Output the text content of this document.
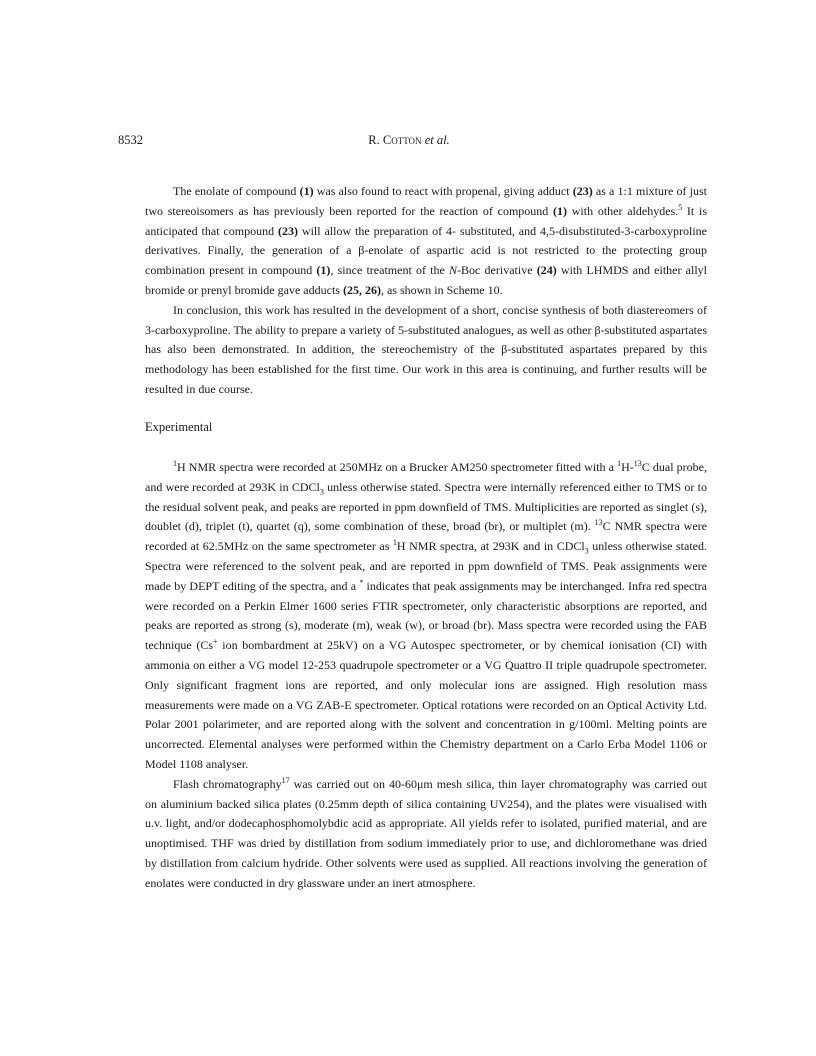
8532	R. Cotton et al.

The enolate of compound (1) was also found to react with propenal, giving adduct (23) as a 1:1 mixture of just two stereoisomers as has previously been reported for the reaction of compound (1) with other aldehydes.$^5$ It is anticipated that compound (23) will allow the preparation of 4- substituted, and 4,5-disubstituted-3-carboxyproline derivatives. Finally, the generation of a β-enolate of aspartic acid is not restricted to the protecting group combination present in compound (1), since treatment of the N-Boc derivative (24) with LHMDS and either allyl bromide or prenyl bromide gave adducts (25, 26), as shown in Scheme 10.

In conclusion, this work has resulted in the development of a short, concise synthesis of both diastereomers of 3-carboxyproline. The ability to prepare a variety of 5-substituted analogues, as well as other β-substituted aspartates has also been demonstrated. In addition, the stereochemistry of the β-substituted aspartates prepared by this methodology has been established for the first time. Our work in this area is continuing, and further results will be resulted in due course.

Experimental

$^1$H NMR spectra were recorded at 250MHz on a Brucker AM250 spectrometer fitted with a $^1$H-$^{13}$C dual probe, and were recorded at 293K in CDCl$_3$ unless otherwise stated. Spectra were internally referenced either to TMS or to the residual solvent peak, and peaks are reported in ppm downfield of TMS. Multiplicities are reported as singlet (s), doublet (d), triplet (t), quartet (q), some combination of these, broad (br), or multiplet (m). $^{13}$C NMR spectra were recorded at 62.5MHz on the same spectrometer as $^1$H NMR spectra, at 293K and in CDCl$_3$ unless otherwise stated. Spectra were referenced to the solvent peak, and are reported in ppm downfield of TMS. Peak assignments were made by DEPT editing of the spectra, and a * indicates that peak assignments may be interchanged. Infra red spectra were recorded on a Perkin Elmer 1600 series FTIR spectrometer, only characteristic absorptions are reported, and peaks are reported as strong (s), moderate (m), weak (w), or broad (br). Mass spectra were recorded using the FAB technique (Cs+ ion bombardment at 25kV) on a VG Autospec spectrometer, or by chemical ionisation (CI) with ammonia on either a VG model 12-253 quadrupole spectrometer or a VG Quattro II triple quadrupole spectrometer. Only significant fragment ions are reported, and only molecular ions are assigned. High resolution mass measurements were made on a VG ZAB-E spectrometer. Optical rotations were recorded on an Optical Activity Ltd. Polar 2001 polarimeter, and are reported along with the solvent and concentration in g/100ml. Melting points are uncorrected. Elemental analyses were performed within the Chemistry department on a Carlo Erba Model 1106 or Model 1108 analyser.

Flash chromatography$^{17}$ was carried out on 40-60μm mesh silica, thin layer chromatography was carried out on aluminium backed silica plates (0.25mm depth of silica containing UV254), and the plates were visualised with u.v. light, and/or dodecaphosphomolybdic acid as appropriate. All yields refer to isolated, purified material, and are unoptimised. THF was dried by distillation from sodium immediately prior to use, and dichloromethane was dried by distillation from calcium hydride. Other solvents were used as supplied. All reactions involving the generation of enolates were conducted in dry glassware under an inert atmosphere.
